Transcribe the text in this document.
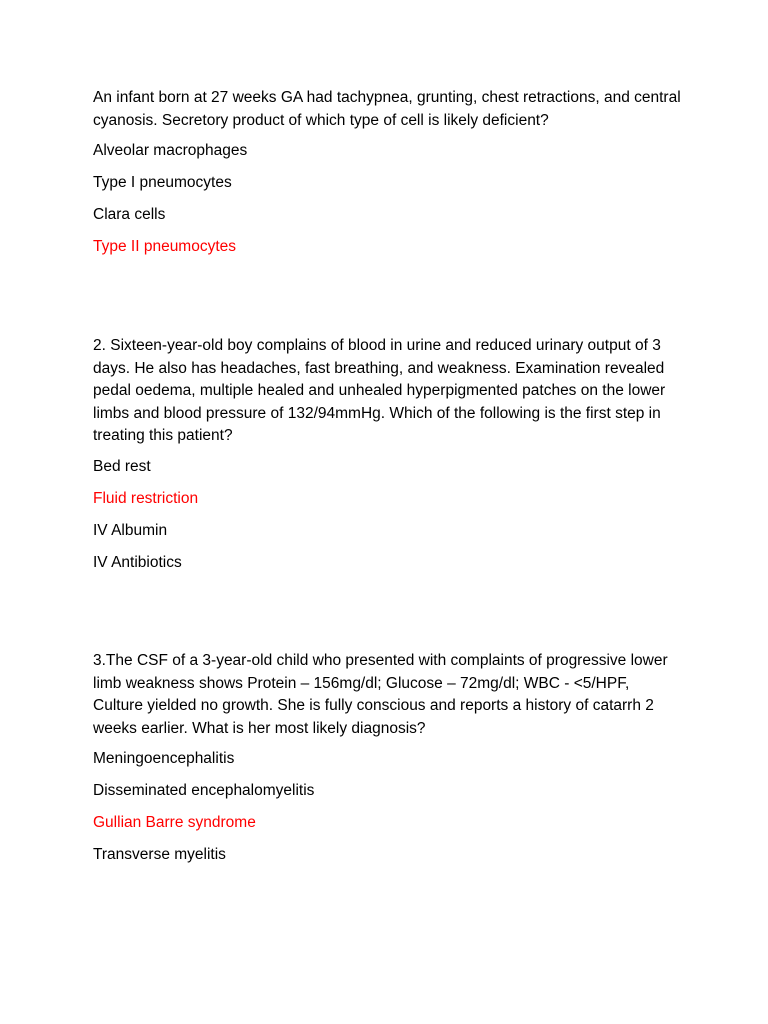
An infant born at 27 weeks GA had tachypnea, grunting, chest retractions, and central cyanosis. Secretory product of which type of cell is likely deficient?

Alveolar macrophages

Type I pneumocytes

Clara cells

Type II pneumocytes

2. Sixteen-year-old boy complains of blood in urine and reduced urinary output of 3 days. He also has headaches, fast breathing, and weakness. Examination revealed pedal oedema, multiple healed and unhealed hyperpigmented patches on the lower limbs and blood pressure of 132/94mmHg. Which of the following is the first step in treating this patient?

Bed rest

Fluid restriction

IV Albumin

IV Antibiotics

3.The CSF of a 3-year-old child who presented with complaints of progressive lower limb weakness shows Protein – 156mg/dl; Glucose – 72mg/dl; WBC - <5/HPF, Culture yielded no growth. She is fully conscious and reports a history of catarrh 2 weeks earlier. What is her most likely diagnosis?

Meningoencephalitis

Disseminated encephalomyelitis

Gullian Barre syndrome

Transverse myelitis
